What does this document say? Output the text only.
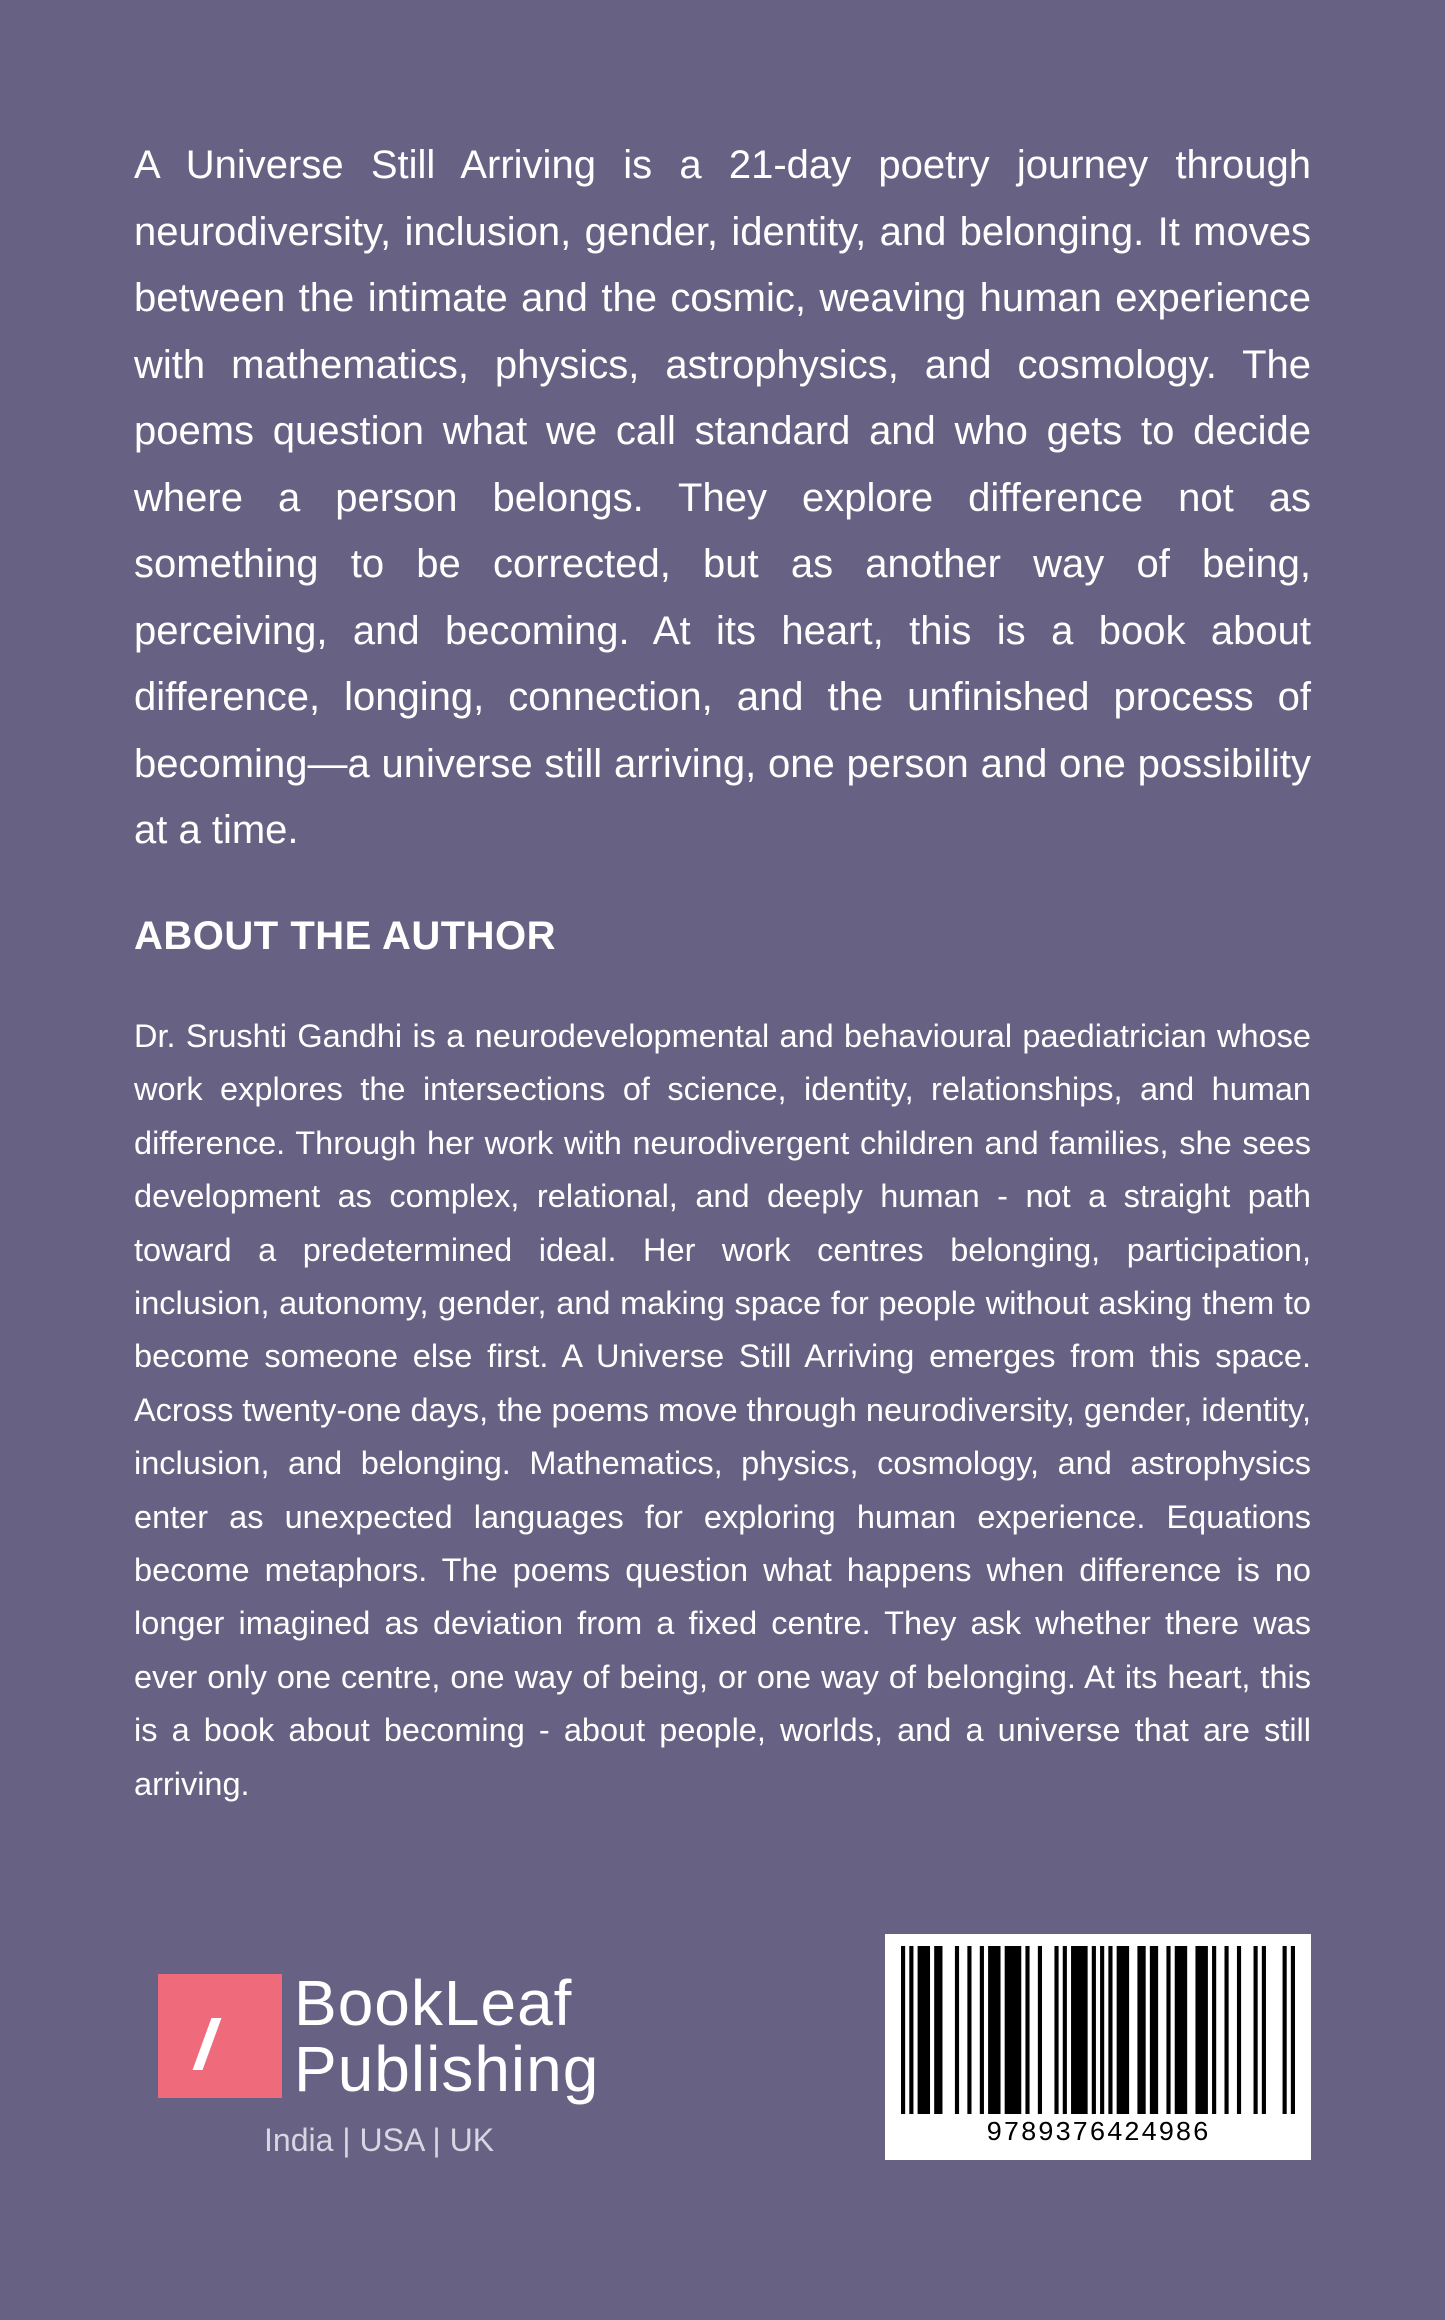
A Universe Still Arriving is a 21-day poetry journey through neurodiversity, inclusion, gender, identity, and belonging. It moves between the intimate and the cosmic, weaving human experience with mathematics, physics, astrophysics, and cosmology. The poems question what we call standard and who gets to decide where a person belongs. They explore difference not as something to be corrected, but as another way of being, perceiving, and becoming. At its heart, this is a book about difference, longing, connection, and the unfinished process of becoming—a universe still arriving, one person and one possibility at a time.

ABOUT THE AUTHOR

Dr. Srushti Gandhi is a neurodevelopmental and behavioural paediatrician whose work explores the intersections of science, identity, relationships, and human difference. Through her work with neurodivergent children and families, she sees development as complex, relational, and deeply human - not a straight path toward a predetermined ideal. Her work centres belonging, participation, inclusion, autonomy, gender, and making space for people without asking them to become someone else first. A Universe Still Arriving emerges from this space. Across twenty-one days, the poems move through neurodiversity, gender, identity, inclusion, and belonging. Mathematics, physics, cosmology, and astrophysics enter as unexpected languages for exploring human experience. Equations become metaphors. The poems question what happens when difference is no longer imagined as deviation from a fixed centre. They ask whether there was ever only one centre, one way of being, or one way of belonging. At its heart, this is a book about becoming - about people, worlds, and a universe that are still arriving.

BookLeaf
Publishing
India | USA | UK	9789376424986
